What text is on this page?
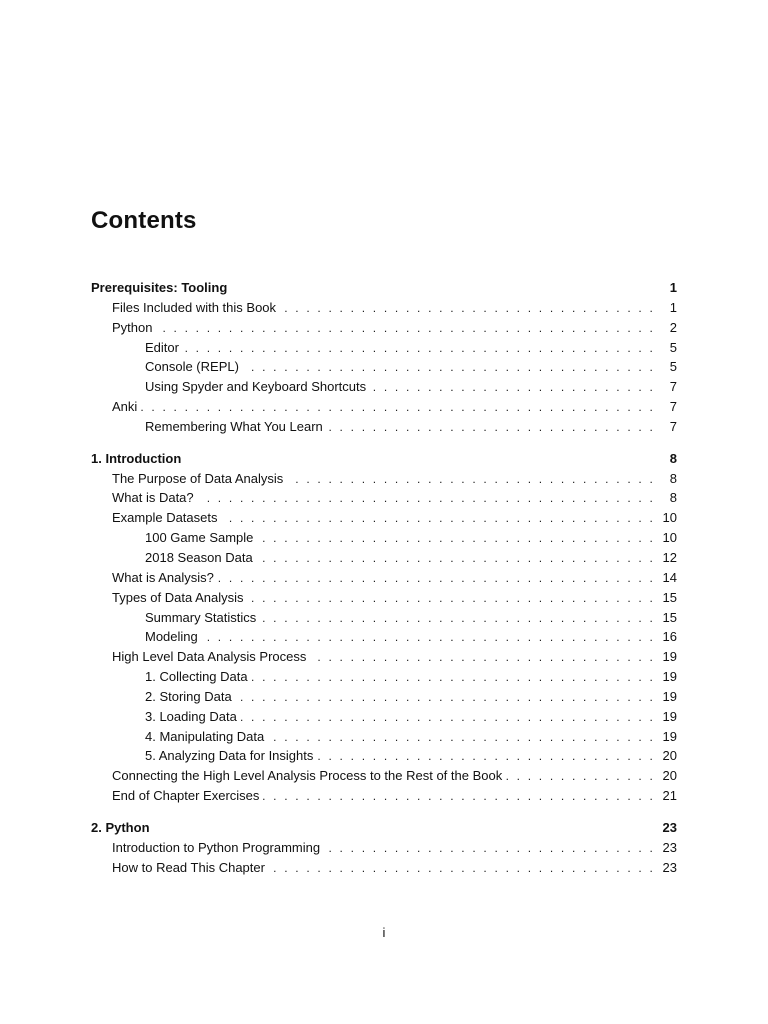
Contents
Prerequisites: Tooling	1
Files Included with this Book . . .	1
Python . . .	2
Editor . . .	5
Console (REPL) . . .	5
Using Spyder and Keyboard Shortcuts . . .	7
Anki . . .	7
Remembering What You Learn . . .	7
1. Introduction	8
The Purpose of Data Analysis . . .	8
What is Data? . . .	8
Example Datasets . . .	10
100 Game Sample . . .	10
2018 Season Data . . .	12
What is Analysis? . . .	14
Types of Data Analysis . . .	15
Summary Statistics . . .	15
Modeling . . .	16
High Level Data Analysis Process . . .	19
1. Collecting Data . . .	19
2. Storing Data . . .	19
3. Loading Data . . .	19
4. Manipulating Data . . .	19
5. Analyzing Data for Insights . . .	20
Connecting the High Level Analysis Process to the Rest of the Book . . .	20
End of Chapter Exercises . . .	21
2. Python	23
Introduction to Python Programming . . .	23
How to Read This Chapter . . .	23

i
